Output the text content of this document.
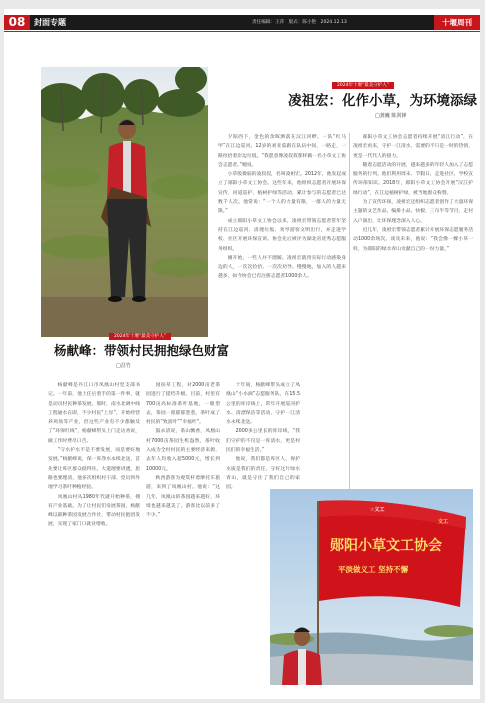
08	封面专题	责任编辑：王萍 版式：陈小艳 2024.12.13	十堰周刊
2024年十堰“最美守护人”
凌祖宏：化作小草，为环境添绿
□龚巍 陈剑锋

夕阳西下，金色的余晖洒落在汉江河畔。一队“红马甲”在江边巡河。12岁的刘亚茹跟在队伍中间，一路走，一路捡拾着岸边垃圾。“我愿意像凌叔叔那样做一名小草文工协会志愿者。”她说。

小草般微弱的凌叔叔，名叫凌祖宏。2012年，他发起成立了郧阳小草文工协会。这些年来，他组织志愿者开展环保宣传、河道巡护、植树护绿等活动，累计参与的志愿者已达数千人次。他常说：“一个人的力量有限，一群人的力量无限。”

成立郧阳小草文工协会以来，凌祖宏带领志愿者常年坚持在江边巡河、清理垃圾、劝导游客文明出行，并走进学校、社区开展环保宣讲。协会先后被评为湖北省优秀志愿服务组织。

刚开始，一些人并不理解。凌祖宏就用实际行动感染身边的人，一次次捡拾、一次次劝导。慢慢地，加入的人越来越多，如今协会已有注册志愿者1000余人。

郧阳小草文工协会志愿者持续开展“清江行动”，在凌祖宏看来，守护一江清水，需要的不只是一时的热情，更是一代代人的接力。

随着志愿活动的开展，越来越多的年轻人加入了志愿服务的行列。他们利用周末、节假日，走进社区、学校宣传环保知识。2018年，郧阳小草文工协会开展“汉江护绿行动”，在江边植树护绿，被当地群众称赞。

为了宣传环保，凌祖宏还组织志愿者创作了大量环保主题的文艺作品，编排小品、快板、三句半等节目，走村入户演出，让环保理念深入人心。

近几年，凌祖宏带领志愿者累计开展环保志愿服务活动1000余场次。谈及未来，他说：“我会像一棵小草一样，为郧阳的绿水青山贡献自己的一份力量。”

2024年十堰“最美守护人”
杨献峰：带领村民拥抱绿色财富
□昌竹

杨献峰是丹江口市凤凰山村党支部书记。一年前，他上任后着手的第一件事，就是动员村民种茶发展。那时，南水北调中线工程通水在即，不少村民“上岸”，开始经营养鸡场等产业，但这些产业有不少都触及了“环保红线”，杨献峰带头上门走访劝说，做工作时费尽口舌。

“守水护水不是不要发展，而是要好地发展。”杨献峰说，保一库净水永续北送，首先要让库区群众稳得住。大道理要讲透，思路也要理清，他多次组织村干部、党员到外地学习茶叶种植经验。

凤凰山村从1980年代就开始种茶，拥有产业基础。为了让村民们发展茶园，杨献峰以联种茶园发展合作社，带动村民抱团发展，实现了家门口就业增收。

园扶草工程，对2000亩老茶园进行了提档升级。目前，村里有700亩高标准茶叶基地，一眼望去，茶园一派郁郁葱葱。茶叶成了村民的“致富叶”“幸福叶”。

鼓永清说，茶山飘香，凤凰山村7000亩茶园生机盎然，茶叶收入成为全村村民的主要经济来源，去年人均收入超5000元，增长到10000元。

秋西游客为观赏杆着摩托车旅游，来到了凤凰山村。他说：“这几年，凤凰山的茶园越来越好，环境也越来越美了，游客比以前多了不少。”

十年间，杨献峰带头成立了凤凰山“小水滴”志愿服务队，在15.5公里的库岸线上，常年开展巡河护水、清漂保洁等活动，守护一江清水永续北送。

2000多公里长的库岸线，“我们守护的不仅是一库清水，更是村民们的幸福生活。”

他说，我们都是库区人，保护水质是我们的责任，守好这片绿水青山，就是守住了我们自己的家园。

☆义工
文工
郧阳小草文工协会
平淡做义工 坚持不懈
